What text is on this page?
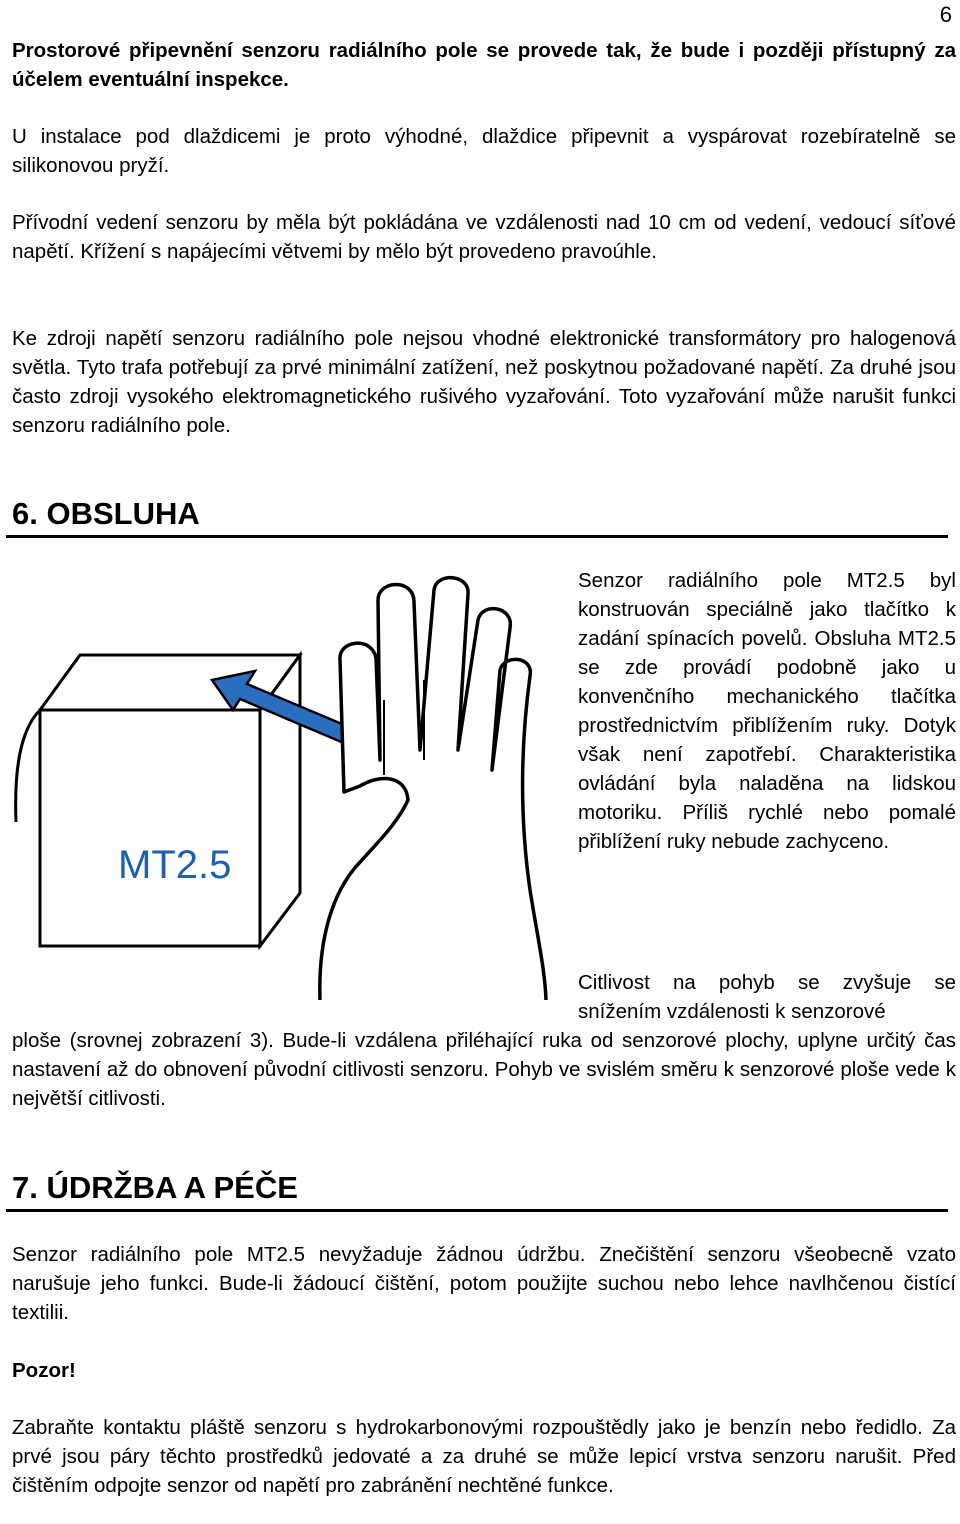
6
Prostorové připevnění senzoru radiálního pole se provede tak, že bude i později přístupný za účelem eventuální inspekce.
U instalace pod dlaždicemi je proto výhodné, dlaždice připevnit a vyspárovat rozebíratelně se silikonovou pryží.
Přívodní vedení senzoru by měla být pokládána ve vzdálenosti nad 10 cm od vedení, vedoucí síťové napětí. Křížení s napájecími větvemi by mělo být provedeno pravoúhle.
Ke zdroji napětí senzoru radiálního pole nejsou vhodné elektronické transformátory pro halogenová světla. Tyto trafa potřebují za prvé minimální zatížení, než poskytnou požadované napětí. Za druhé jsou často zdroji vysokého elektromagnetického rušivého vyzařování. Toto vyzařování může narušit funkci senzoru radiálního pole.
6. OBSLUHA
MT2.5
Senzor radiálního pole MT2.5 byl konstruován speciálně jako tlačítko k zadání spínacích povelů. Obsluha MT2.5 se zde provádí podobně jako u konvenčního mechanického tlačítka prostřednictvím přiblížením ruky. Dotyk však není zapotřebí. Charakteristika ovládání byla naladěna na lidskou motoriku. Příliš rychlé nebo pomalé přiblížení ruky nebude zachyceno.
Citlivost na pohyb se zvyšuje se snížením vzdálenosti k senzorové
ploše (srovnej zobrazení 3). Bude-li vzdálena přiléhající ruka od senzorové plochy, uplyne určitý čas nastavení až do obnovení původní citlivosti senzoru. Pohyb ve svislém směru k senzorové ploše vede k největší citlivosti.
7. ÚDRŽBA A PÉČE
Senzor radiálního pole MT2.5 nevyžaduje žádnou údržbu. Znečištění senzoru všeobecně vzato narušuje jeho funkci. Bude-li žádoucí čištění, potom použijte suchou nebo lehce navlhčenou čistící textilii.
Pozor!
Zabraňte kontaktu pláště senzoru s hydrokarbonovými rozpouštědly jako je benzín nebo ředidlo. Za prvé jsou páry těchto prostředků jedovaté a za druhé se může lepicí vrstva senzoru narušit. Před čištěním odpojte senzor od napětí pro zabránění nechtěné funkce.
